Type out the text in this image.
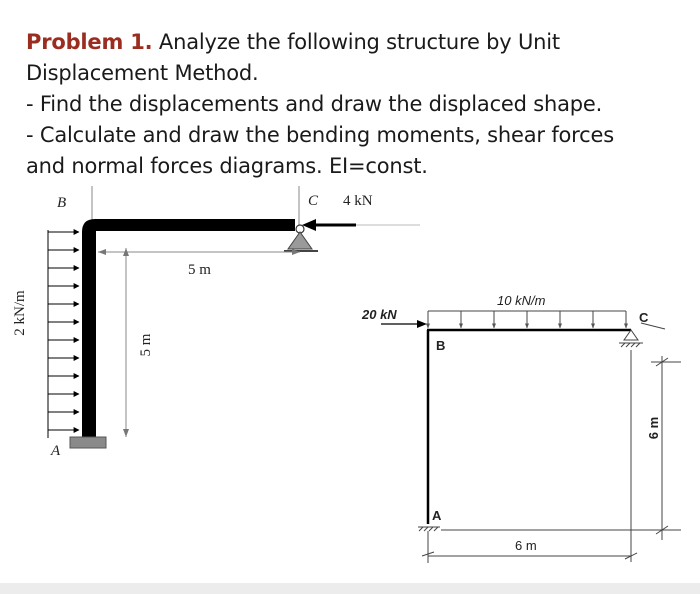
Problem 1. Analyze the following structure by Unit
Displacement Method.
- Find the displacements and draw the displaced shape.
- Calculate and draw the bending moments, shear forces
and normal forces diagrams. EI=const.
B	C 4 kN
5 m
A
2 kN/m
5 m
20 kN
10 kN/m
B
C
A
6 m
6 m
